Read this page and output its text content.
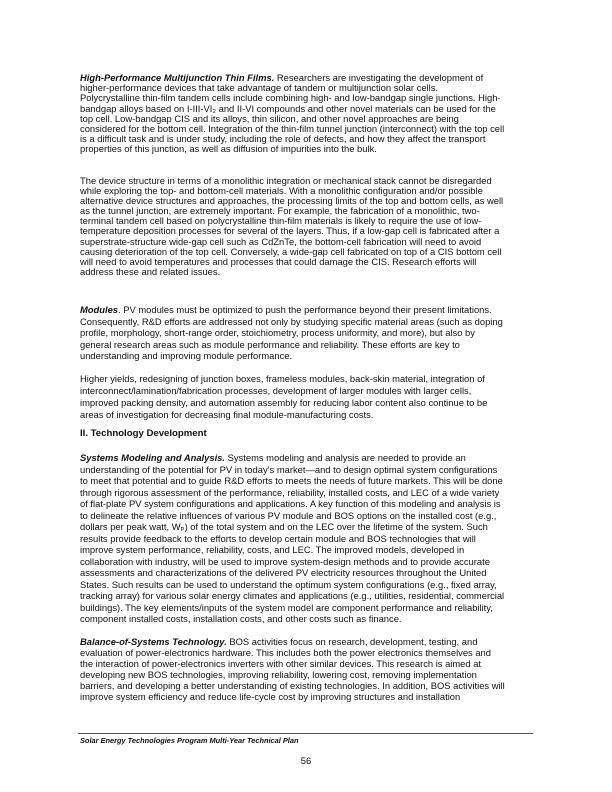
High-Performance Multijunction Thin Films. Researchers are investigating the development of
higher-performance devices that take advantage of tandem or multijunction solar cells.
Polycrystalline thin-film tandem cells include combining high- and low-bandgap single junctions. High-
bandgap alloys based on I-III-VI₂ and II-VI compounds and other novel materials can be used for the
top cell. Low-bandgap CIS and its alloys, thin silicon, and other novel approaches are being
considered for the bottom cell. Integration of the thin-film tunnel junction (interconnect) with the top cell
is a difficult task and is under study, including the role of defects, and how they affect the transport
properties of this junction, as well as diffusion of impurities into the bulk.
The device structure in terms of a monolithic integration or mechanical stack cannot be disregarded
while exploring the top- and bottom-cell materials. With a monolithic configuration and/or possible
alternative device structures and approaches, the processing limits of the top and bottom cells, as well
as the tunnel junction, are extremely important. For example, the fabrication of a monolithic, two-
terminal tandem cell based on polycrystalline thin-film materials is likely to require the use of low-
temperature deposition processes for several of the layers. Thus, if a low-gap cell is fabricated after a
superstrate-structure wide-gap cell such as CdZnTe, the bottom-cell fabrication will need to avoid
causing deterioration of the top cell. Conversely, a wide-gap cell fabricated on top of a CIS bottom cell
will need to avoid temperatures and processes that could damage the CIS. Research efforts will
address these and related issues.
Modules. PV modules must be optimized to push the performance beyond their present limitations.
Consequently, R&D efforts are addressed not only by studying specific material areas (such as doping
profile, morphology, short-range order, stoichiometry, process uniformity, and more), but also by
general research areas such as module performance and reliability. These efforts are key to
understanding and improving module performance.
Higher yields, redesigning of junction boxes, frameless modules, back-skin material, integration of
interconnect/lamination/fabrication processes, development of larger modules with larger cells,
improved packing density, and automation assembly for reducing labor content also continue to be
areas of investigation for decreasing final module-manufacturing costs.
II. Technology Development
Systems Modeling and Analysis. Systems modeling and analysis are needed to provide an
understanding of the potential for PV in today’s market—and to design optimal system configurations
to meet that potential and to guide R&D efforts to meets the needs of future markets. This will be done
through rigorous assessment of the performance, reliability, installed costs, and LEC of a wide variety
of flat-plate PV system configurations and applications. A key function of this modeling and analysis is
to delineate the relative influences of various PV module and BOS options on the installed cost (e.g.,
dollars per peak watt, Wₚ) of the total system and on the LEC over the lifetime of the system. Such
results provide feedback to the efforts to develop certain module and BOS technologies that will
improve system performance, reliability, costs, and LEC. The improved models, developed in
collaboration with industry, will be used to improve system-design methods and to provide accurate
assessments and characterizations of the delivered PV electricity resources throughout the United
States. Such results can be used to understand the optimum system configurations (e.g., fixed array,
tracking array) for various solar energy climates and applications (e.g., utilities, residential, commercial
buildings). The key elements/inputs of the system model are component performance and reliability,
component installed costs, installation costs, and other costs such as finance.
Balance-of-Systems Technology. BOS activities focus on research, development, testing, and
evaluation of power-electronics hardware. This includes both the power electronics themselves and
the interaction of power-electronics inverters with other similar devices. This research is aimed at
developing new BOS technologies, improving reliability, lowering cost, removing implementation
barriers, and developing a better understanding of existing technologies. In addition, BOS activities will
improve system efficiency and reduce life-cycle cost by improving structures and installation
Solar Energy Technologies Program Multi-Year Technical Plan
56
